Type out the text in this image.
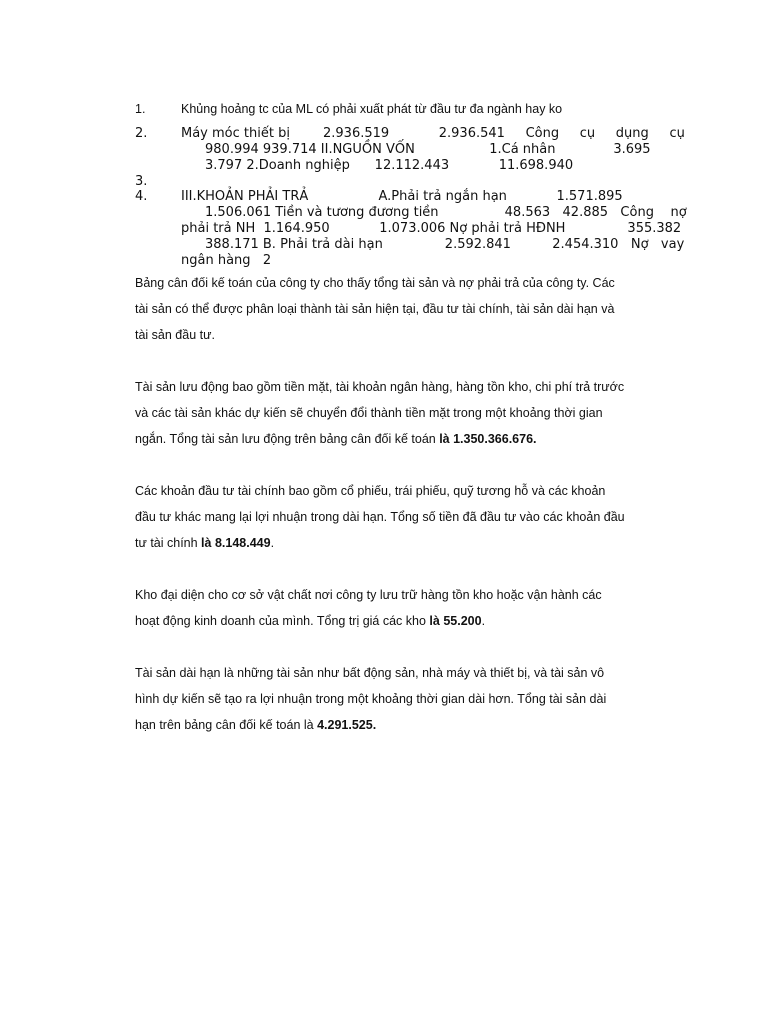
1.	Khủng hoảng tc của ML có phải xuất phát từ đầu tư đa ngành hay ko
2.	Máy móc thiết bị        2.936.519            2.936.541     Công     cụ     dụng     cụ
980.994 939.714 II.NGUỒN VỐN                  1.Cá nhân              3.695
3.797 2.Doanh nghiệp      12.112.443            11.698.940
3.
4.	III.KHOẢN PHẢI TRẢ                 A.Phải trả ngắn hạn            1.571.895
1.506.061 Tiền và tương đương tiền                48.563   42.885   Công    nợ
phải trả NH  1.164.950            1.073.006 Nợ phải trả HĐNH               355.382
388.171 B. Phải trả dài hạn               2.592.841          2.454.310   Nợ   vay
ngân hàng   2

Bảng cân đối kế toán của công ty cho thấy tổng tài sản và nợ phải trả của công ty. Các tài sản có thể được phân loại thành tài sản hiện tại, đầu tư tài chính, tài sản dài hạn và tài sản đầu tư.

Tài sản lưu động bao gồm tiền mặt, tài khoản ngân hàng, hàng tồn kho, chi phí trả trước và các tài sản khác dự kiến sẽ chuyển đổi thành tiền mặt trong một khoảng thời gian ngắn. Tổng tài sản lưu động trên bảng cân đối kế toán là 1.350.366.676.

Các khoản đầu tư tài chính bao gồm cổ phiếu, trái phiếu, quỹ tương hỗ và các khoản đầu tư khác mang lại lợi nhuận trong dài hạn. Tổng số tiền đã đầu tư vào các khoản đầu tư tài chính là 8.148.449.

Kho đại diện cho cơ sở vật chất nơi công ty lưu trữ hàng tồn kho hoặc vận hành các hoạt động kinh doanh của mình. Tổng trị giá các kho là 55.200.

Tài sản dài hạn là những tài sản như bất động sản, nhà máy và thiết bị, và tài sản vô hình dự kiến sẽ tạo ra lợi nhuận trong một khoảng thời gian dài hơn. Tổng tài sản dài hạn trên bảng cân đối kế toán là 4.291.525.
